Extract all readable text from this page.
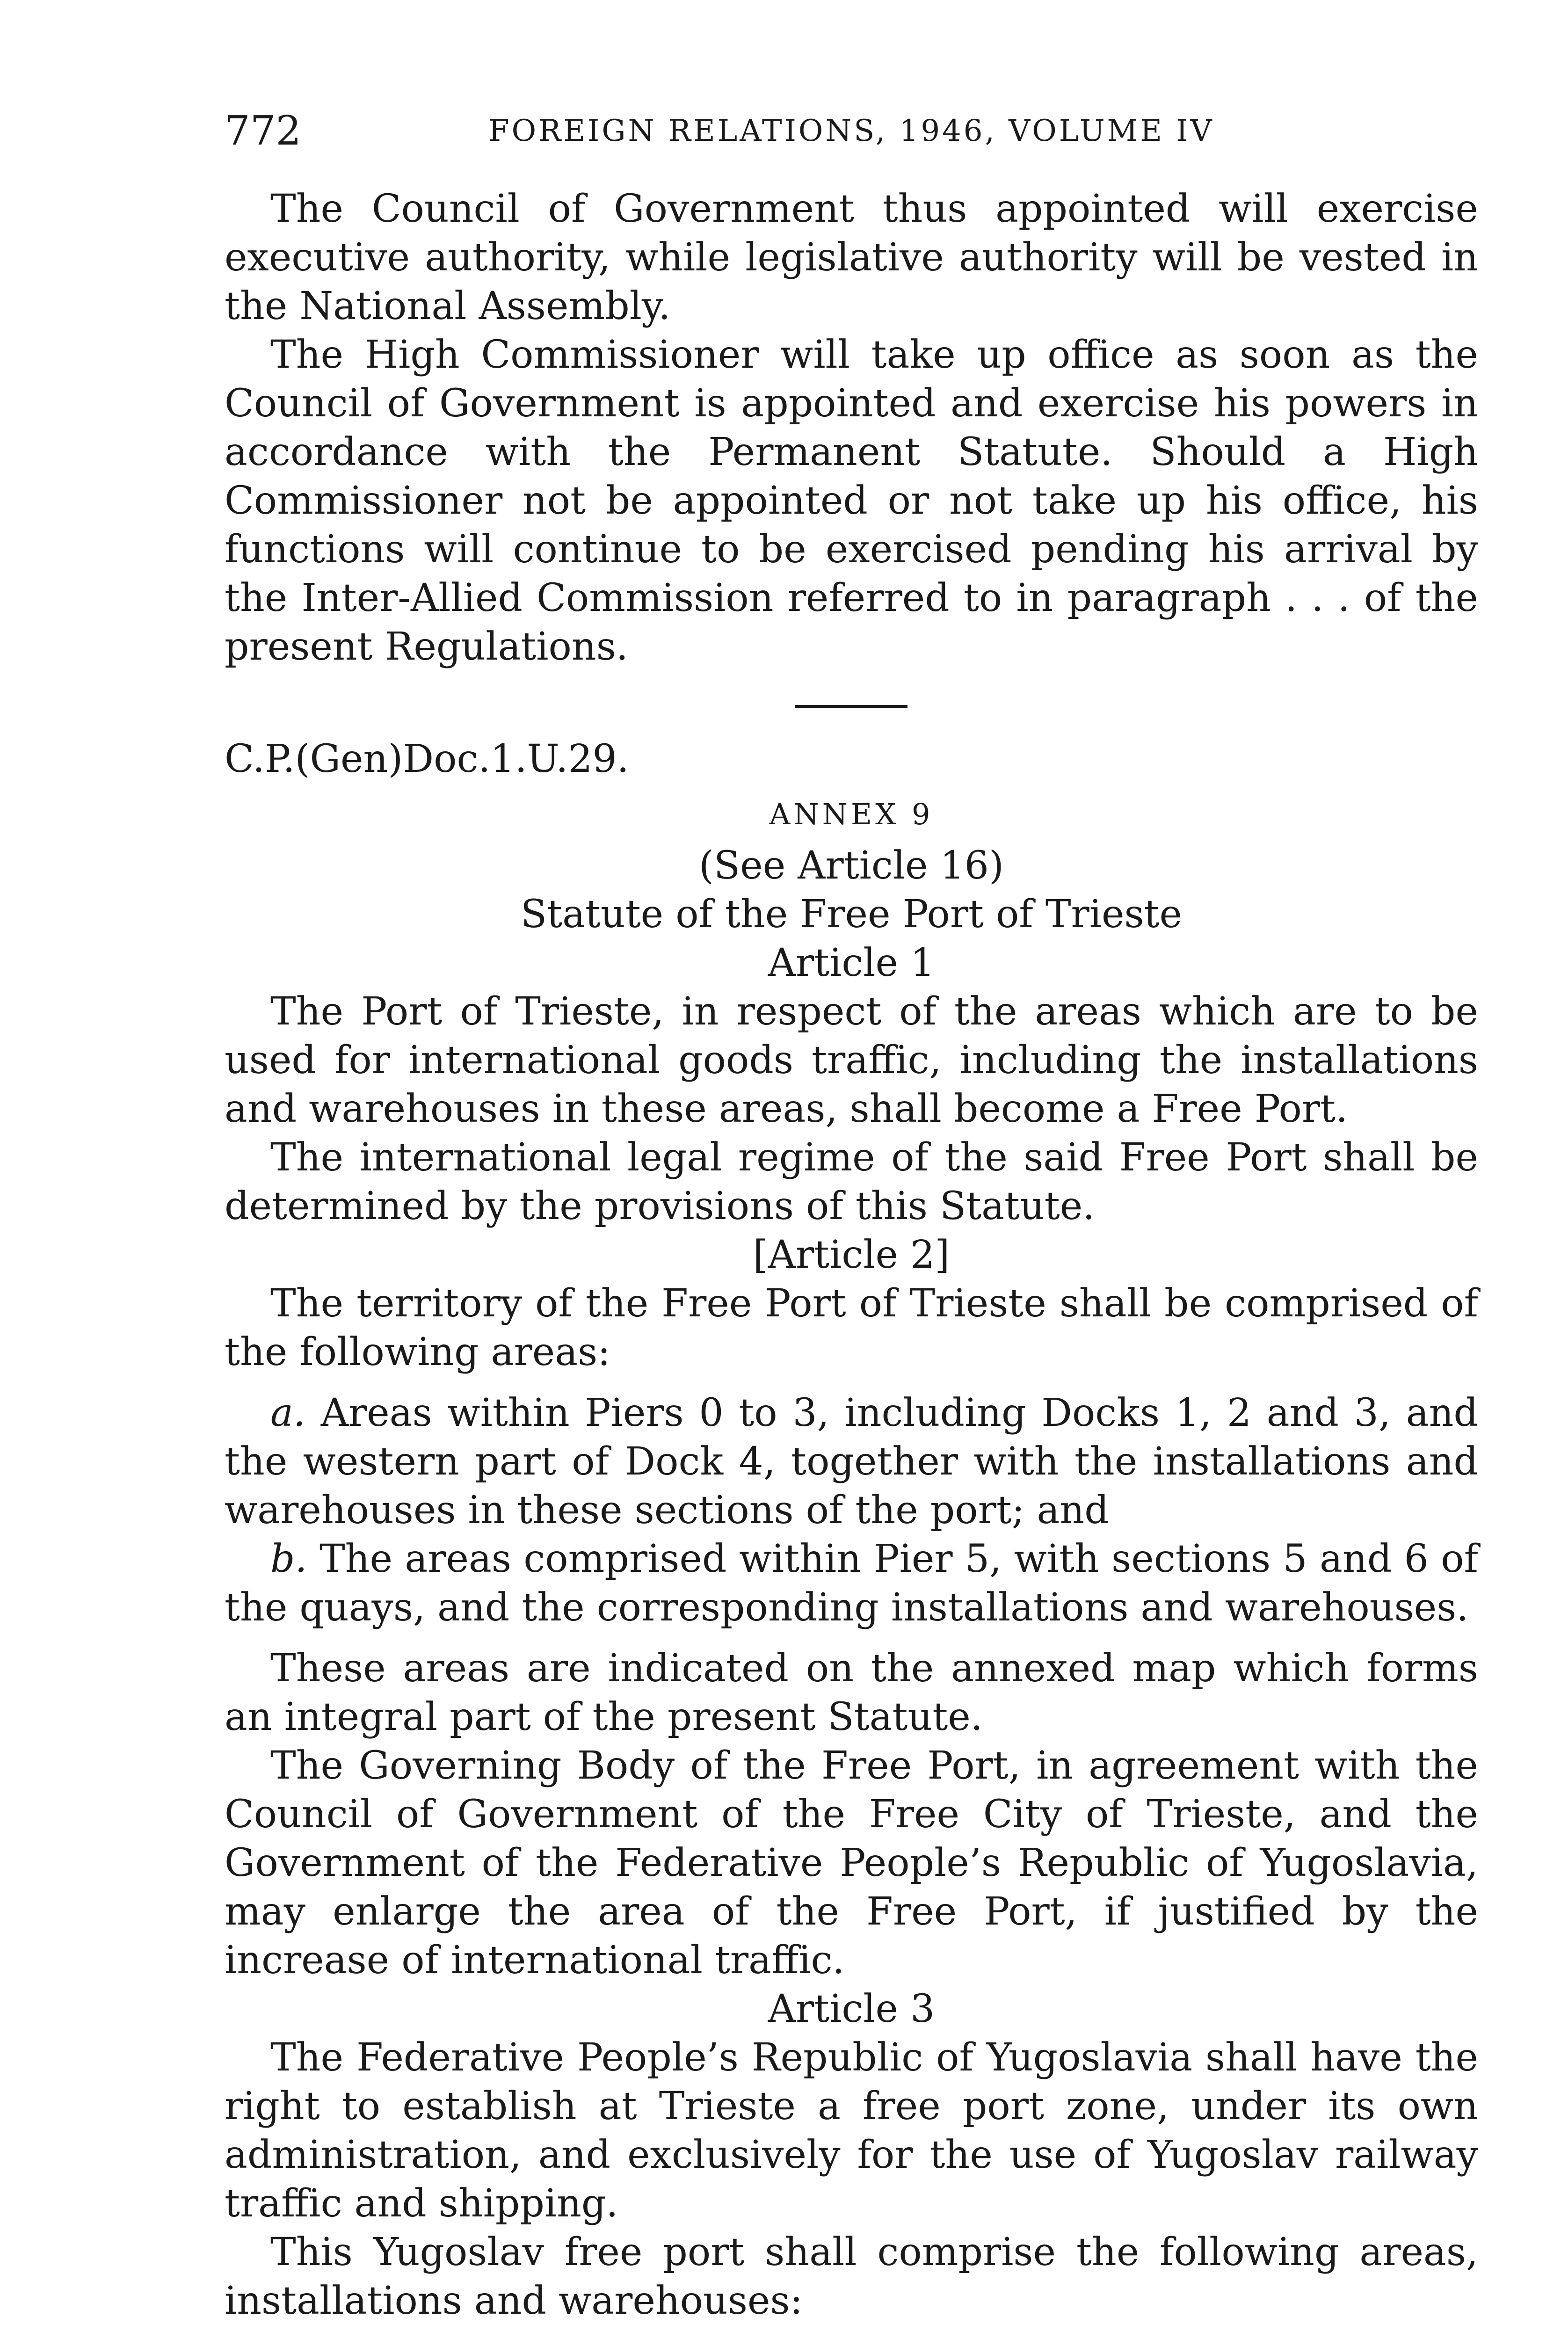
772	FOREIGN RELATIONS, 1946, VOLUME IV

The Council of Government thus appointed will exercise executive authority, while legislative authority will be vested in the National Assembly.

The High Commissioner will take up office as soon as the Council of Government is appointed and exercise his powers in accordance with the Permanent Statute. Should a High Commissioner not be appointed or not take up his office, his functions will continue to be exercised pending his arrival by the Inter-Allied Commission referred to in paragraph . . . of the present Regulations.

C.P.(Gen)Doc.1.U.29.

ANNEX 9

(See Article 16)

Statute of the Free Port of Trieste

Article 1

The Port of Trieste, in respect of the areas which are to be used for international goods traffic, including the installations and warehouses in these areas, shall become a Free Port.

The international legal regime of the said Free Port shall be determined by the provisions of this Statute.

[Article 2]

The territory of the Free Port of Trieste shall be comprised of the following areas:

a. Areas within Piers 0 to 3, including Docks 1, 2 and 3, and the western part of Dock 4, together with the installations and warehouses in these sections of the port; and

b. The areas comprised within Pier 5, with sections 5 and 6 of the quays, and the corresponding installations and warehouses.

These areas are indicated on the annexed map which forms an integral part of the present Statute.

The Governing Body of the Free Port, in agreement with the Council of Government of the Free City of Trieste, and the Government of the Federative People’s Republic of Yugoslavia, may enlarge the area of the Free Port, if justified by the increase of international traffic.

Article 3

The Federative People’s Republic of Yugoslavia shall have the right to establish at Trieste a free port zone, under its own administration, and exclusively for the use of Yugoslav railway traffic and shipping.

This Yugoslav free port shall comprise the following areas, installations and warehouses:
